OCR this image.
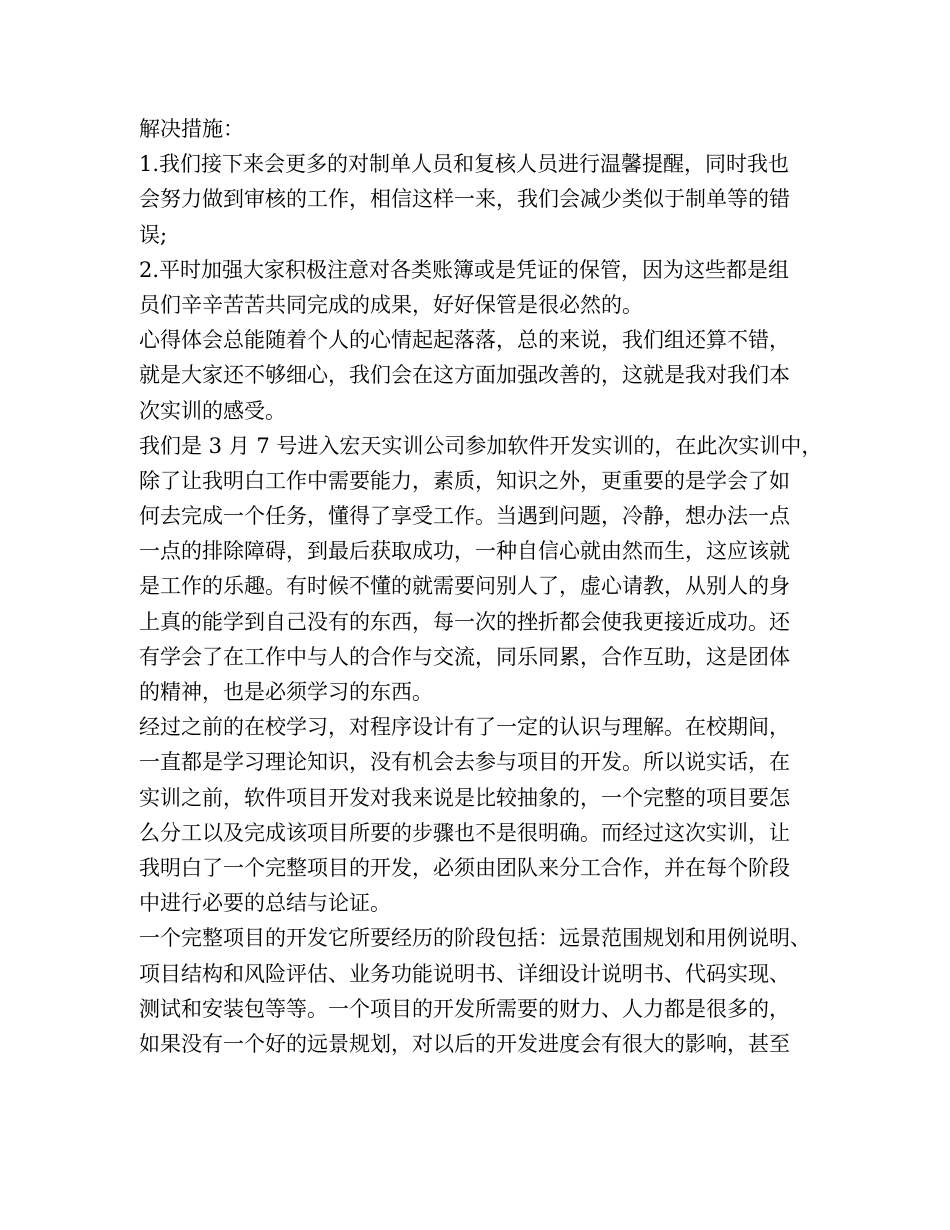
解决措施：
1.我们接下来会更多的对制单人员和复核人员进行温馨提醒，同时我也
会努力做到审核的工作，相信这样一来，我们会减少类似于制单等的错
误;
2.平时加强大家积极注意对各类账簿或是凭证的保管，因为这些都是组
员们辛辛苦苦共同完成的成果，好好保管是很必然的。
心得体会总能随着个人的心情起起落落，总的来说，我们组还算不错，
就是大家还不够细心，我们会在这方面加强改善的，这就是我对我们本
次实训的感受。
我们是 3 月 7 号进入宏天实训公司参加软件开发实训的，在此次实训中，
除了让我明白工作中需要能力，素质，知识之外，更重要的是学会了如
何去完成一个任务，懂得了享受工作。当遇到问题，冷静，想办法一点
一点的排除障碍，到最后获取成功，一种自信心就由然而生，这应该就
是工作的乐趣。有时候不懂的就需要问别人了，虚心请教，从别人的身
上真的能学到自己没有的东西，每一次的挫折都会使我更接近成功。还
有学会了在工作中与人的合作与交流，同乐同累，合作互助，这是团体
的精神，也是必须学习的东西。
经过之前的在校学习，对程序设计有了一定的认识与理解。在校期间，
一直都是学习理论知识，没有机会去参与项目的开发。所以说实话，在
实训之前，软件项目开发对我来说是比较抽象的，一个完整的项目要怎
么分工以及完成该项目所要的步骤也不是很明确。而经过这次实训，让
我明白了一个完整项目的开发，必须由团队来分工合作，并在每个阶段
中进行必要的总结与论证。
一个完整项目的开发它所要经历的阶段包括：远景范围规划和用例说明、
项目结构和风险评估、业务功能说明书、详细设计说明书、代码实现、
测试和安装包等等。一个项目的开发所需要的财力、人力都是很多的，
如果没有一个好的远景规划，对以后的开发进度会有很大的影响，甚至
